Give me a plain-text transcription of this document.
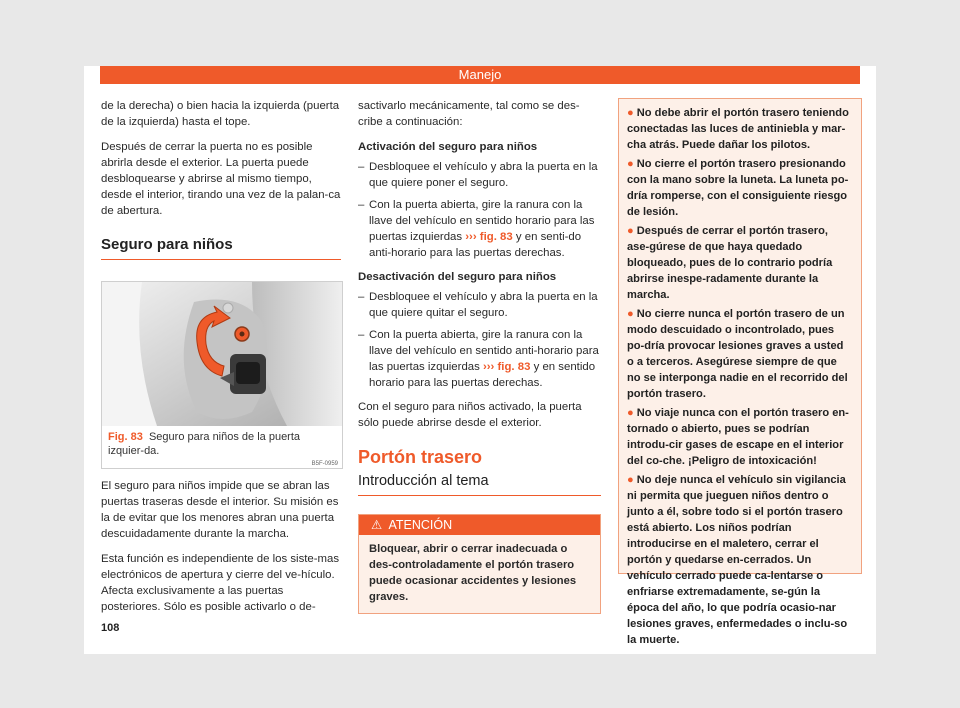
Manejo

de la derecha) o bien hacia la izquierda (puerta de la izquierda) hasta el tope.

Después de cerrar la puerta no es posible abrirla desde el exterior. La puerta puede desbloquearse y abrirse al mismo tiempo, desde el interior, tirando una vez de la palan-ca de abertura.

Seguro para niños
B5F-0959
Fig. 83 Seguro para niños de la puerta izquier-da.

El seguro para niños impide que se abran las puertas traseras desde el interior. Su misión es la de evitar que los menores abran una puerta descuidadamente durante la marcha.

Esta función es independiente de los siste-mas electrónicos de apertura y cierre del ve-hículo. Afecta exclusivamente a las puertas posteriores. Sólo es posible activarlo o de-

sactivarlo mecánicamente, tal como se des-cribe a continuación:

Activación del seguro para niños

– Desbloquee el vehículo y abra la puerta en la que quiere poner el seguro.
– Con la puerta abierta, gire la ranura con la llave del vehículo en sentido horario para las puertas izquierdas ››› fig. 83 y en senti-do anti-horario para las puertas derechas.

Desactivación del seguro para niños

– Desbloquee el vehículo y abra la puerta en la que quiere quitar el seguro.
– Con la puerta abierta, gire la ranura con la llave del vehículo en sentido anti-horario para las puertas izquierdas ››› fig. 83 y en sentido horario para las puertas derechas.

Con el seguro para niños activado, la puerta sólo puede abrirse desde el exterior.

Portón trasero
Introducción al tema
⚠ ATENCIÓN
Bloquear, abrir o cerrar inadecuada o des-controladamente el portón trasero puede ocasionar accidentes y lesiones graves.
● No debe abrir el portón trasero teniendo conectadas las luces de antiniebla y mar-cha atrás. Puede dañar los pilotos.
● No cierre el portón trasero presionando con la mano sobre la luneta. La luneta po-dría romperse, con el consiguiente riesgo de lesión.
● Después de cerrar el portón trasero, ase-gúrese de que haya quedado bloqueado, pues de lo contrario podría abrirse inespe-radamente durante la marcha.
● No cierre nunca el portón trasero de un modo descuidado o incontrolado, pues po-dría provocar lesiones graves a usted o a terceros. Asegúrese siempre de que no se interponga nadie en el recorrido del portón trasero.
● No viaje nunca con el portón trasero en-tornado o abierto, pues se podrían introdu-cir gases de escape en el interior del co-che. ¡Peligro de intoxicación!
● No deje nunca el vehículo sin vigilancia ni permita que jueguen niños dentro o junto a él, sobre todo si el portón trasero está abierto. Los niños podrían introducirse en el maletero, cerrar el portón y quedarse en-cerrados. Un vehículo cerrado puede ca-lentarse o enfriarse extremadamente, se-gún la época del año, lo que podría ocasio-nar lesiones graves, enfermedades o inclu-so la muerte.
108
